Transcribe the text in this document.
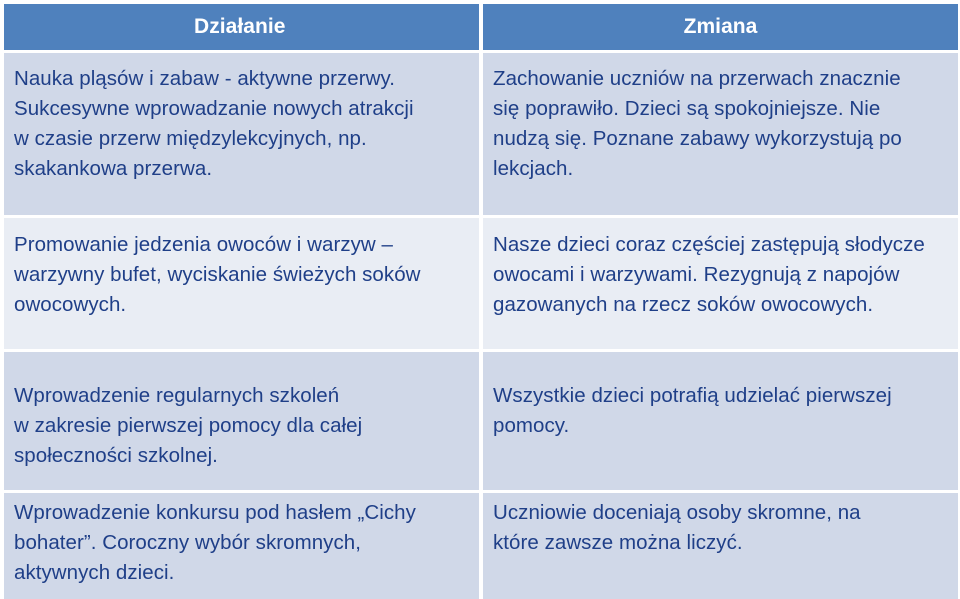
Działanie	Zmiana
Nauka pląsów i zabaw - aktywne przerwy.
Sukcesywne wprowadzanie nowych atrakcji
w czasie przerw międzylekcyjnych, np.
skakankowa przerwa.
Zachowanie uczniów na przerwach znacznie
się poprawiło. Dzieci są spokojniejsze. Nie
nudzą się. Poznane zabawy wykorzystują po
lekcjach.
Promowanie jedzenia owoców i warzyw –
warzywny bufet, wyciskanie świeżych soków
owocowych.
Nasze dzieci coraz częściej zastępują słodycze
owocami i warzywami. Rezygnują z napojów
gazowanych na rzecz soków owocowych.
Wprowadzenie regularnych szkoleń
w zakresie pierwszej pomocy dla całej
społeczności szkolnej.
Wszystkie dzieci potrafią udzielać pierwszej
pomocy.
Wprowadzenie konkursu pod hasłem „Cichy
bohater”. Coroczny wybór skromnych,
aktywnych dzieci.
Uczniowie doceniają osoby skromne, na
które zawsze można liczyć.
